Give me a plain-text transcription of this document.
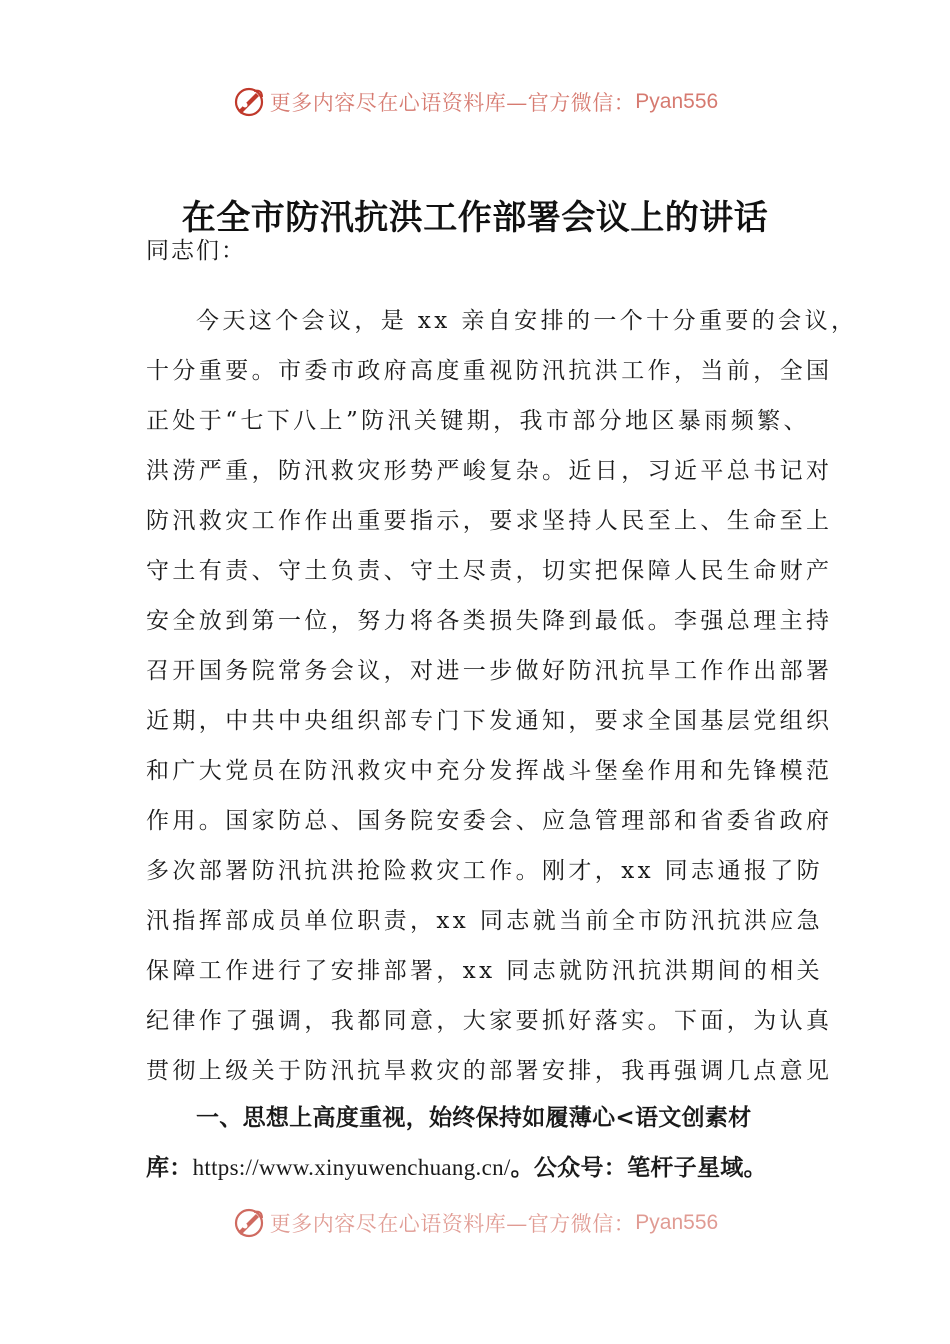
更多内容尽在心语资料库—官方微信： Pyan556
在全市防汛抗洪工作部署会议上的讲话
同志们：
今天这个会议，是 xx 亲自安排的一个十分重要的会议，
十分重要。市委市政府高度重视防汛抗洪工作，当前，全国
正处于“七下八上”防汛关键期，我市部分地区暴雨频繁、
洪涝严重，防汛救灾形势严峻复杂。近日，习近平总书记对
防汛救灾工作作出重要指示，要求坚持人民至上、生命至上
守土有责、守土负责、守土尽责，切实把保障人民生命财产
安全放到第一位，努力将各类损失降到最低。李强总理主持
召开国务院常务会议，对进一步做好防汛抗旱工作作出部署
近期，中共中央组织部专门下发通知，要求全国基层党组织
和广大党员在防汛救灾中充分发挥战斗堡垒作用和先锋模范
作用。国家防总、国务院安委会、应急管理部和省委省政府
多次部署防汛抗洪抢险救灾工作。刚才，xx 同志通报了防
汛指挥部成员单位职责，xx 同志就当前全市防汛抗洪应急
保障工作进行了安排部署，xx 同志就防汛抗洪期间的相关
纪律作了强调，我都同意，大家要抓好落实。下面，为认真
贯彻上级关于防汛抗旱救灾的部署安排，我再强调几点意见
一、思想上高度重视，始终保持如履薄心<语文创素材
库：https://www.xinyuwenchuang.cn/。公众号：笔杆子星域。
更多内容尽在心语资料库—官方微信： Pyan556
